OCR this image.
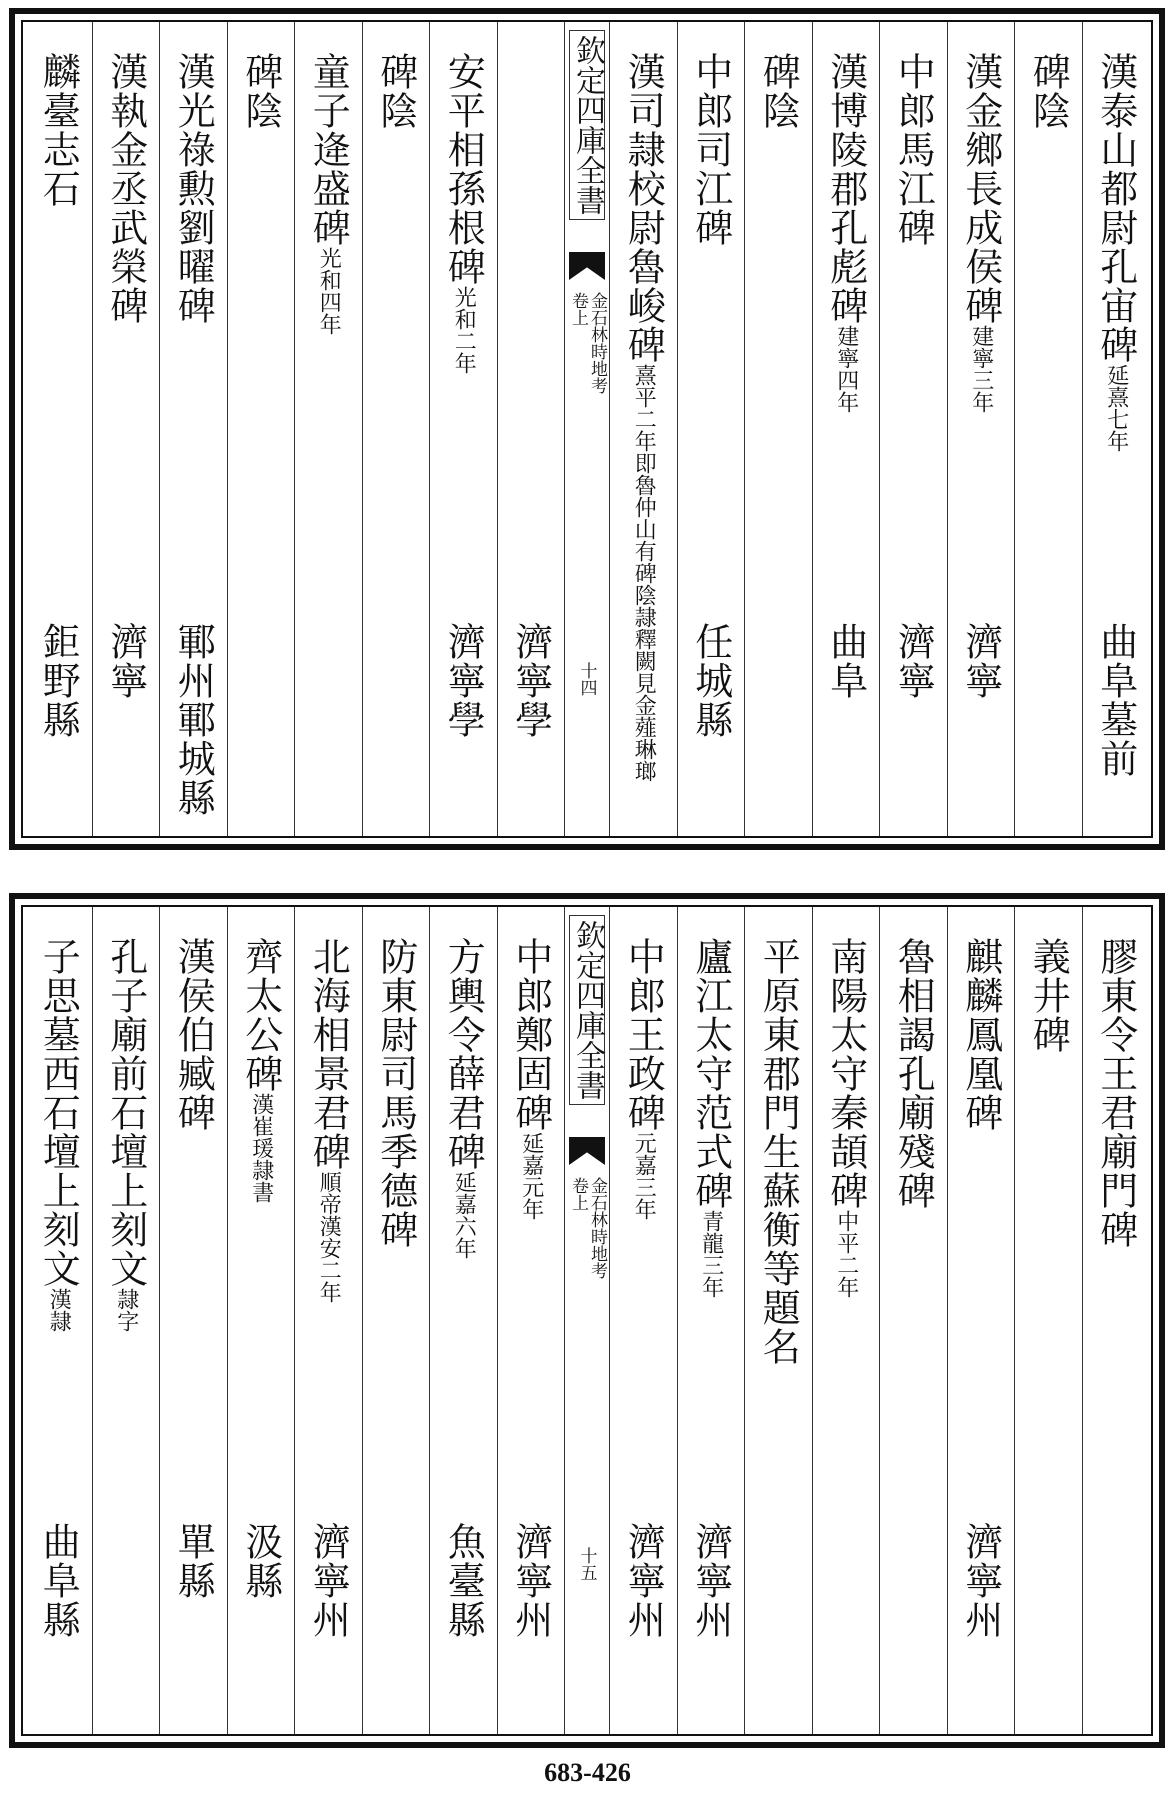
漢泰山都尉孔宙碑延熹七年
曲阜墓前
碑陰
漢金鄉長成侯碑建寧三年
濟寧
中郎馬江碑
濟寧
漢博陵郡孔彪碑建寧四年
曲阜
碑陰
中郎司江碑
任城縣
漢司隷校尉魯峻碑熹平二年即魯仲山有碑陰隷釋闕見金薤琳瑯
欽定四庫全書
金石林時地考
卷上
十四
濟寧學
安平相孫根碑光和二年
濟寧學
碑陰
童子逄盛碑光和四年
碑陰
漢光祿勲劉曜碑
鄆州鄆城縣
漢執金丞武榮碑
濟寧
麟臺志石
鉅野縣
膠東令王君廟門碑
義井碑
麒麟鳳凰碑
濟寧州
魯相謁孔廟殘碑
南陽太守秦頡碑中平二年
平原東郡門生蘇衡等題名
廬江太守范式碑青龍三年
濟寧州
中郎王政碑元嘉三年
濟寧州
欽定四庫全書
金石林時地考
卷上
十五
中郎鄭固碑延嘉元年
濟寧州
方輿令薛君碑延嘉六年
魚臺縣
防東尉司馬季德碑
北海相景君碑順帝漢安二年
濟寧州
齊太公碑漢崔瑗隷書
汲縣
漢侯伯臧碑
單縣
孔子廟前石壇上刻文隷字
子思墓西石壇上刻文漢隷
曲阜縣
683-426
